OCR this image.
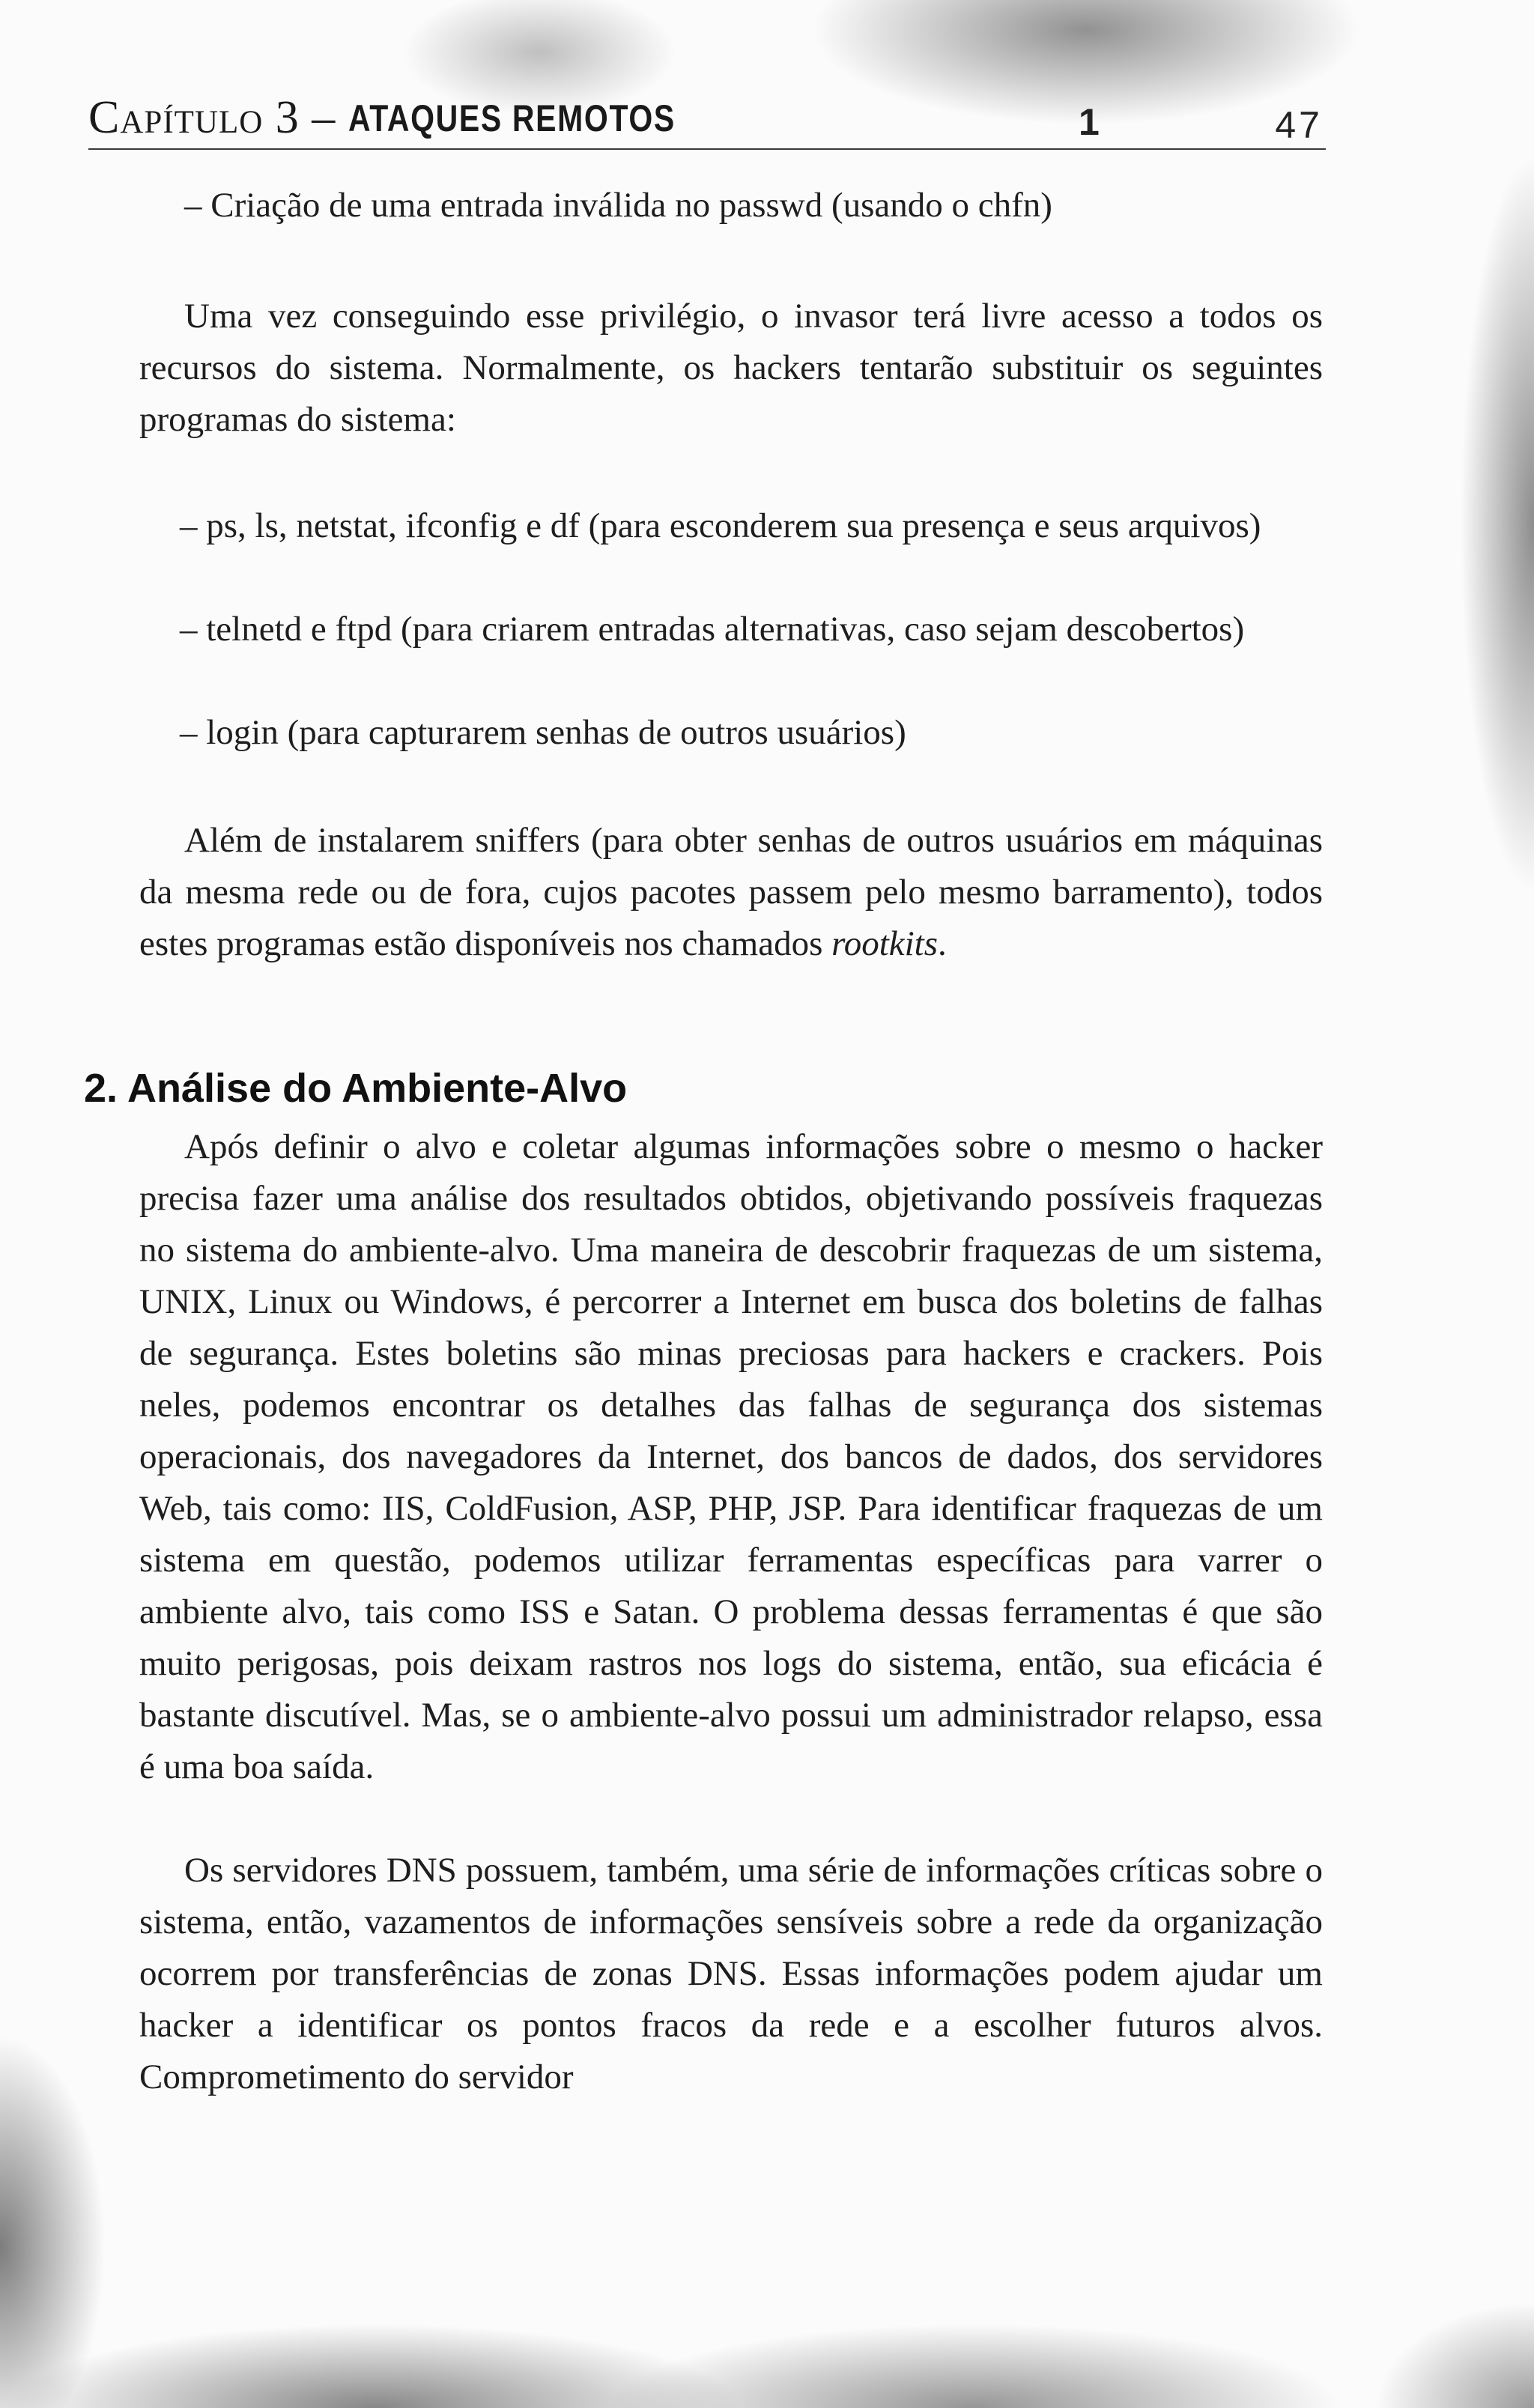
Capítulo 3 – ATAQUES REMOTOS	1	47

– Criação de uma entrada inválida no passwd (usando o chfn)

Uma vez conseguindo esse privilégio, o invasor terá livre acesso a todos os recursos do sistema. Normalmente, os hackers tentarão substituir os seguintes programas do sistema:

– ps, ls, netstat, ifconfig e df (para esconderem sua presença e seus arquivos)

– telnetd e ftpd (para criarem entradas alternativas, caso sejam descobertos)

– login (para capturarem senhas de outros usuários)

Além de instalarem sniffers (para obter senhas de outros usuários em máquinas da mesma rede ou de fora, cujos pacotes passem pelo mesmo barramento), todos estes programas estão disponíveis nos chamados rootkits.

2. Análise do Ambiente-Alvo

Após definir o alvo e coletar algumas informações sobre o mesmo o hacker precisa fazer uma análise dos resultados obtidos, objetivando possíveis fraquezas no sistema do ambiente-alvo. Uma maneira de descobrir fraquezas de um sistema, UNIX, Linux ou Windows, é percorrer a Internet em busca dos boletins de falhas de segurança. Estes boletins são minas preciosas para hackers e crackers. Pois neles, podemos encontrar os detalhes das falhas de segurança dos sistemas operacionais, dos navegadores da Internet, dos bancos de dados, dos servidores Web, tais como: IIS, ColdFusion, ASP, PHP, JSP. Para identificar fraquezas de um sistema em questão, podemos utilizar ferramentas específicas para varrer o ambiente alvo, tais como ISS e Satan. O problema dessas ferramentas é que são muito perigosas, pois deixam rastros nos logs do sistema, então, sua eficácia é bastante discutível. Mas, se o ambiente-alvo possui um administrador relapso, essa é uma boa saída.

Os servidores DNS possuem, também, uma série de informações críticas sobre o sistema, então, vazamentos de informações sensíveis sobre a rede da organização ocorrem por transferências de zonas DNS. Essas informações podem ajudar um hacker a identificar os pontos fracos da rede e a escolher futuros alvos. Comprometimento do servidor
